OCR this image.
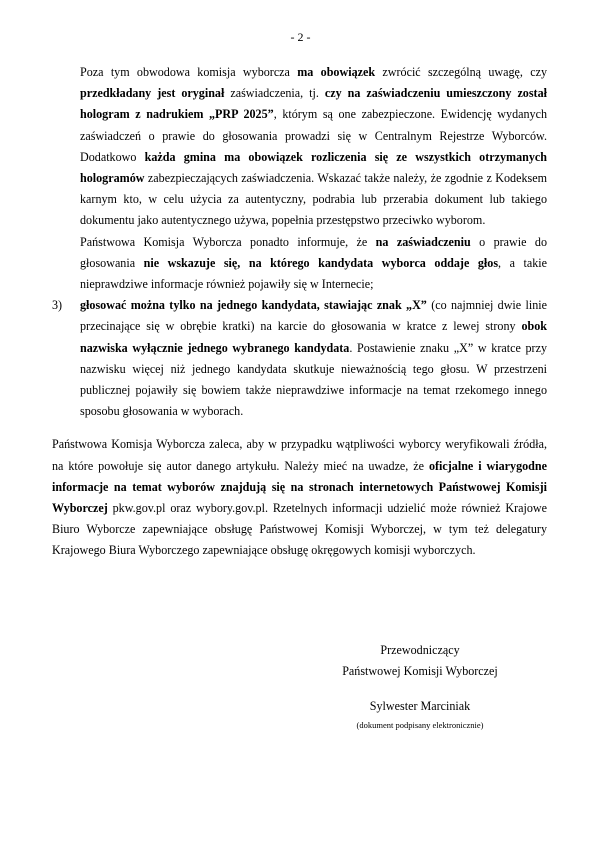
- 2 -
Poza tym obwodowa komisja wyborcza ma obowiązek zwrócić szczególną uwagę, czy przedkładany jest oryginał zaświadczenia, tj. czy na zaświadczeniu umieszczony został hologram z nadrukiem „PRP 2025”, którym są one zabezpieczone. Ewidencję wydanych zaświadczeń o prawie do głosowania prowadzi się w Centralnym Rejestrze Wyborców. Dodatkowo każda gmina ma obowiązek rozliczenia się ze wszystkich otrzymanych hologramów zabezpieczających zaświadczenia. Wskazać także należy, że zgodnie z Kodeksem karnym kto, w celu użycia za autentyczny, podrabia lub przerabia dokument lub takiego dokumentu jako autentycznego używa, popełnia przestępstwo przeciwko wyborom.
Państwowa Komisja Wyborcza ponadto informuje, że na zaświadczeniu o prawie do głosowania nie wskazuje się, na którego kandydata wyborca oddaje głos, a takie nieprawdziwe informacje również pojawiły się w Internecie;
3) głosować można tylko na jednego kandydata, stawiając znak „X” (co najmniej dwie linie przecinające się w obrębie kratki) na karcie do głosowania w kratce z lewej strony obok nazwiska wyłącznie jednego wybranego kandydata. Postawienie znaku „X” w kratce przy nazwisku więcej niż jednego kandydata skutkuje nieważnością tego głosu. W przestrzeni publicznej pojawiły się bowiem także nieprawdziwe informacje na temat rzekomego innego sposobu głosowania w wyborach.
Państwowa Komisja Wyborcza zaleca, aby w przypadku wątpliwości wyborcy weryfikowali źródła, na które powołuje się autor danego artykułu. Należy mieć na uwadze, że oficjalne i wiarygodne informacje na temat wyborów znajdują się na stronach internetowych Państwowej Komisji Wyborczej pkw.gov.pl oraz wybory.gov.pl. Rzetelnych informacji udzielić może również Krajowe Biuro Wyborcze zapewniające obsługę Państwowej Komisji Wyborczej, w tym też delegatury Krajowego Biura Wyborczego zapewniające obsługę okręgowych komisji wyborczych.
Przewodniczący
Państwowej Komisji Wyborczej
Sylwester Marciniak
(dokument podpisany elektronicznie)
